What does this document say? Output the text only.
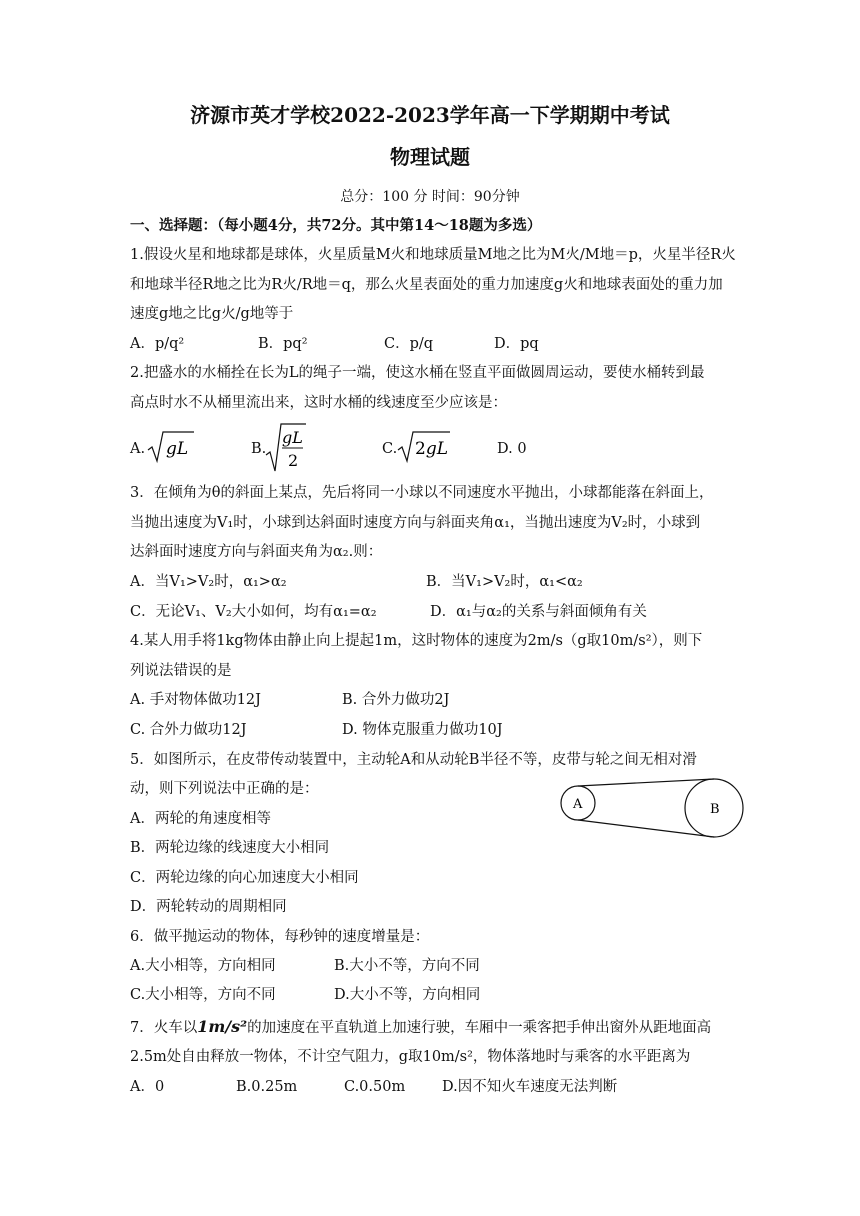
济源市英才学校2022-2023学年高一下学期期中考试
物理试题
总分：100 分 时间：90分钟
一、选择题：（每小题4分，共72分。其中第14～18题为多选）
1.假设火星和地球都是球体，火星质量M火和地球质量M地之比为M火/M地＝p，火星半径R火
和地球半径R地之比为R火/R地＝q，那么火星表面处的重力加速度g火和地球表面处的重力加
速度g地之比g火/g地等于
A．p/q²	B．pq²	C．p/q	D．pq
2.把盛水的水桶拴在长为L的绳子一端，使这水桶在竖直平面做圆周运动，要使水桶转到最
高点时水不从桶里流出来，这时水桶的线速度至少应该是：
A. gL	B.
gL
2
C. 2gL	D. 0
3．在倾角为θ的斜面上某点，先后将同一小球以不同速度水平抛出，小球都能落在斜面上，
当抛出速度为V₁时，小球到达斜面时速度方向与斜面夹角α₁，当抛出速度为V₂时，小球到
达斜面时速度方向与斜面夹角为α₂.则：
A．当V₁>V₂时，α₁>α₂	B．当V₁>V₂时，α₁<α₂
C．无论V₁、V₂大小如何，均有α₁=α₂	D．α₁与α₂的关系与斜面倾角有关
4.某人用手将1kg物体由静止向上提起1m，这时物体的速度为2m/s（g取10m/s²），则下
列说法错误的是
A. 手对物体做功12J	B. 合外力做功2J
C. 合外力做功12J	D. 物体克服重力做功10J
5．如图所示，在皮带传动装置中，主动轮A和从动轮B半径不等，皮带与轮之间无相对滑
动，则下列说法中正确的是：
A．两轮的角速度相等
B．两轮边缘的线速度大小相同
C．两轮边缘的向心加速度大小相同
D．两轮转动的周期相同
A	B
6．做平抛运动的物体，每秒钟的速度增量是：
A.大小相等，方向相同	B.大小不等，方向不同
C.大小相等，方向不同	D.大小不等，方向相同
7．火车以1m/s²的加速度在平直轨道上加速行驶，车厢中一乘客把手伸出窗外从距地面高
2.5m处自由释放一物体，不计空气阻力，g取10m/s²，物体落地时与乘客的水平距离为
A．0	B.0.25m	C.0.50m	D.因不知火车速度无法判断
